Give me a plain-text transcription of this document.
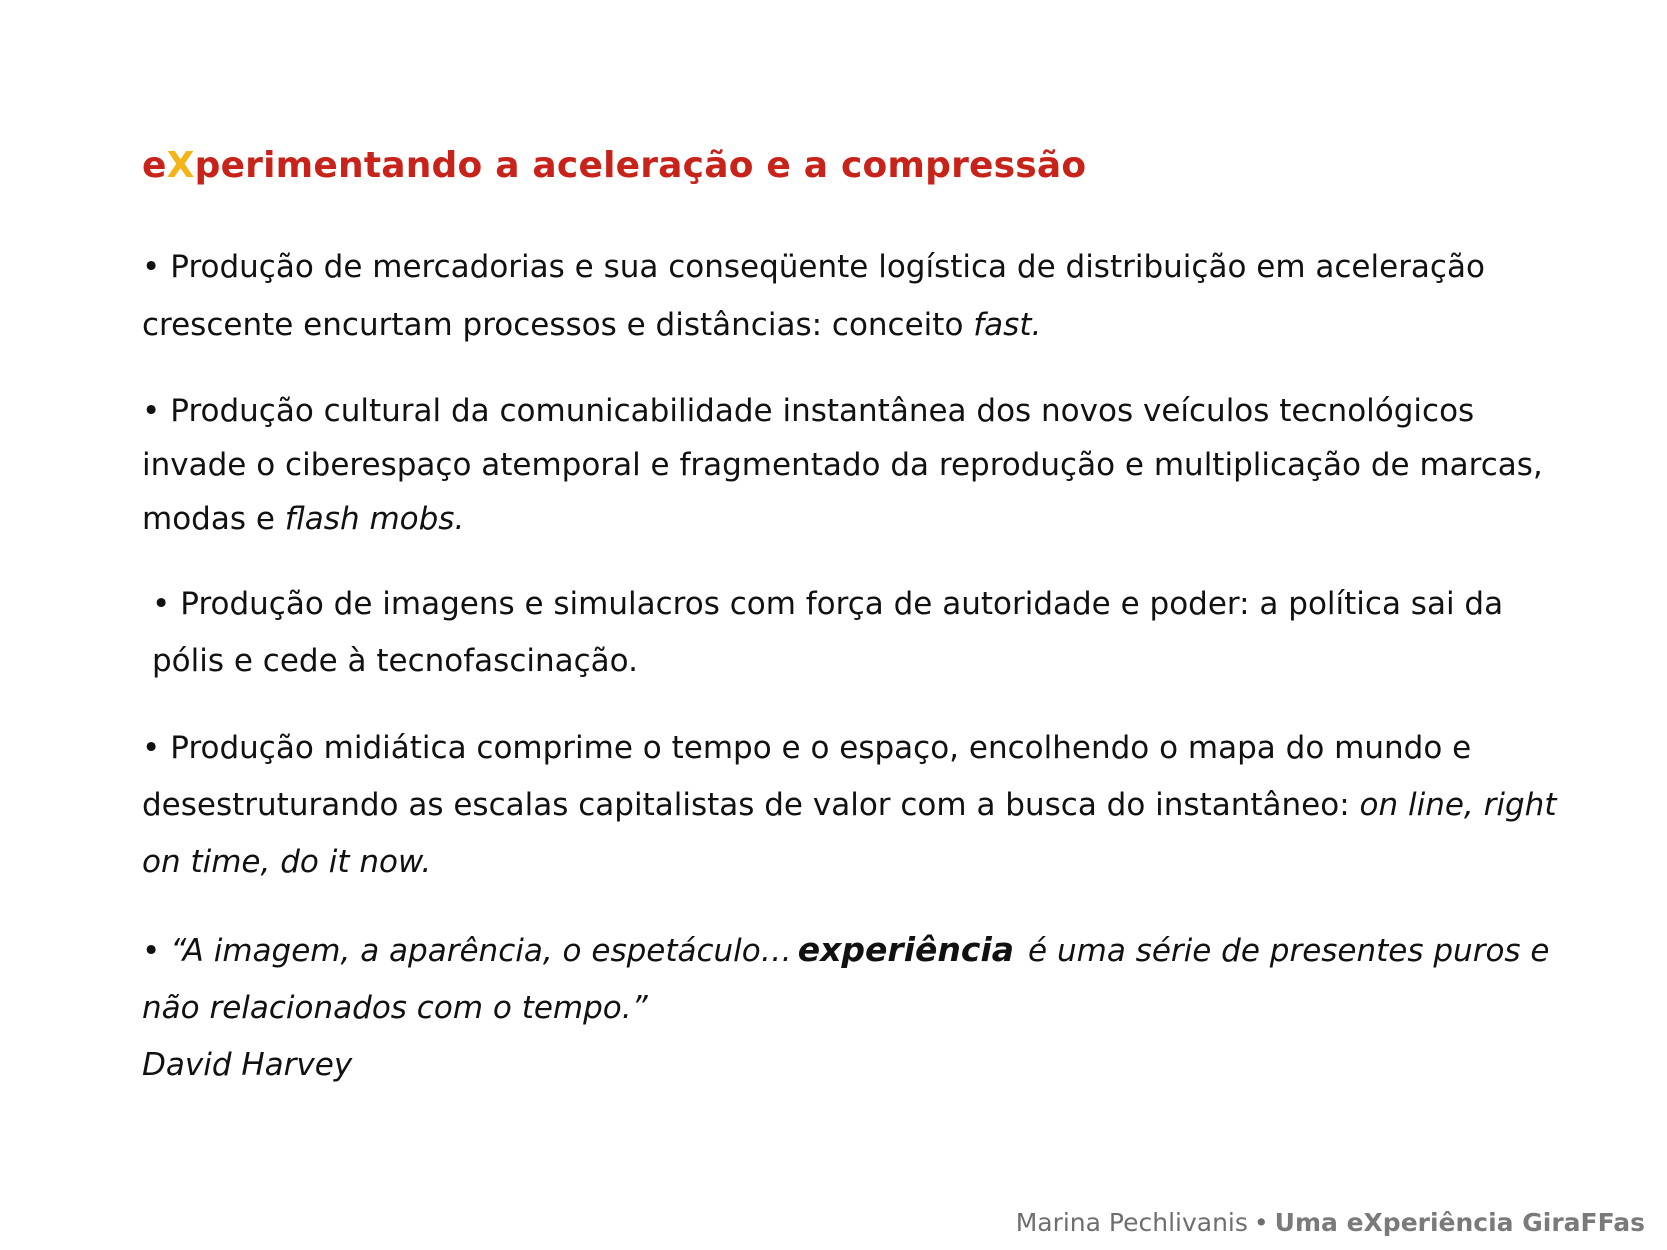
eXperimentando a aceleração e a compressão

• Produção de mercadorias e sua conseqüente logística de distribuição em aceleração crescente encurtam processos e distâncias: conceito fast.

• Produção cultural da comunicabilidade instantânea dos novos veículos tecnológicos invade o ciberespaço atemporal e fragmentado da reprodução e multiplicação de marcas, modas e flash mobs.

• Produção de imagens e simulacros com força de autoridade e poder: a política sai da pólis e cede à tecnofascinação.

• Produção midiática comprime o tempo e o espaço, encolhendo o mapa do mundo e desestruturando as escalas capitalistas de valor com a busca do instantâneo: on line, right on time, do it now.

• “A imagem, a aparência, o espetáculo… experiência é uma série de presentes puros e não relacionados com o tempo.”
David Harvey

Marina Pechlivanis • Uma eXperiência GiraFFas
